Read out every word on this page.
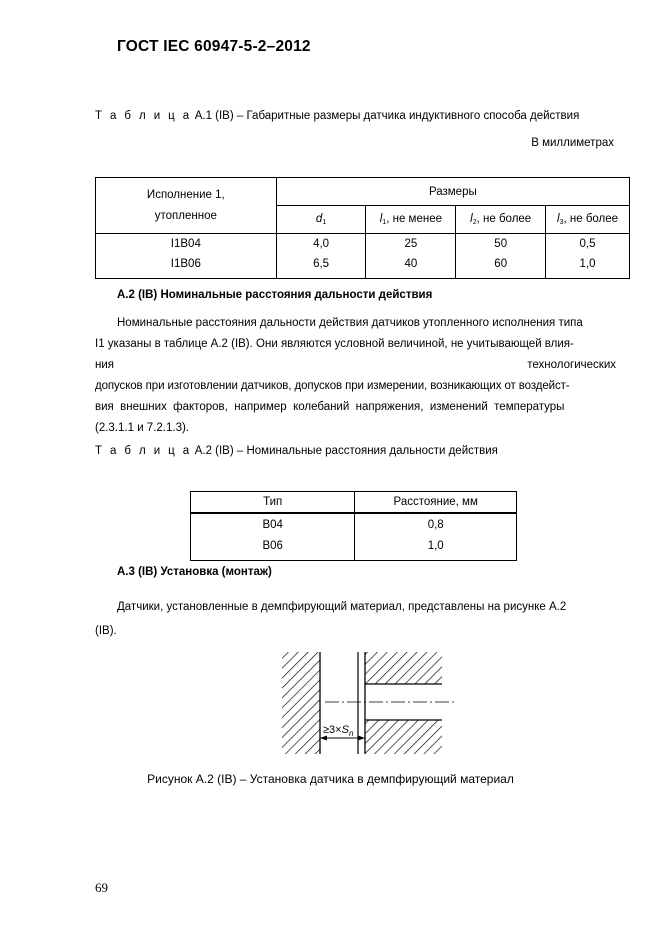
ГОСТ IEC 60947-5-2–2012
Т а б л и ц а А.1 (IB) – Габаритные размеры датчика индуктивного способа действия
В миллиметрах
Исполнение 1,
утопленное	Размеры			
	$d_1$	$l_1$, не менее	$l_2$, не более	$l_3$, не более
I1B04	4,0	25	50	0,5
I1B06	6,5	40	60	1,0
А.2 (IB) Номинальные расстояния дальности действия
Номинальные расстояния дальности действия датчиков утопленного исполнения типа
I1 указаны в таблице А.2 (IB). Они являются условной величиной, не учитывающей влия-
ния	технологических
допусков при изготовлении датчиков, допусков при измерении, возникающих от воздейст-
вия внешних факторов, например колебаний напряжения, изменений температуры
(2.3.1.1 и 7.2.1.3).
Т а б л и ц а А.2 (IB) – Номинальные расстояния дальности действия
Тип	Расстояние, мм
В04	0,8
В06	1,0
А.3 (IB) Установка (монтаж)
Датчики, установленные в демпфирующий материал, представлены на рисунке А.2
(IB).
$\ge 3\times S_n$
Рисунок А.2 (IB) – Установка датчика в демпфирующий материал
69
